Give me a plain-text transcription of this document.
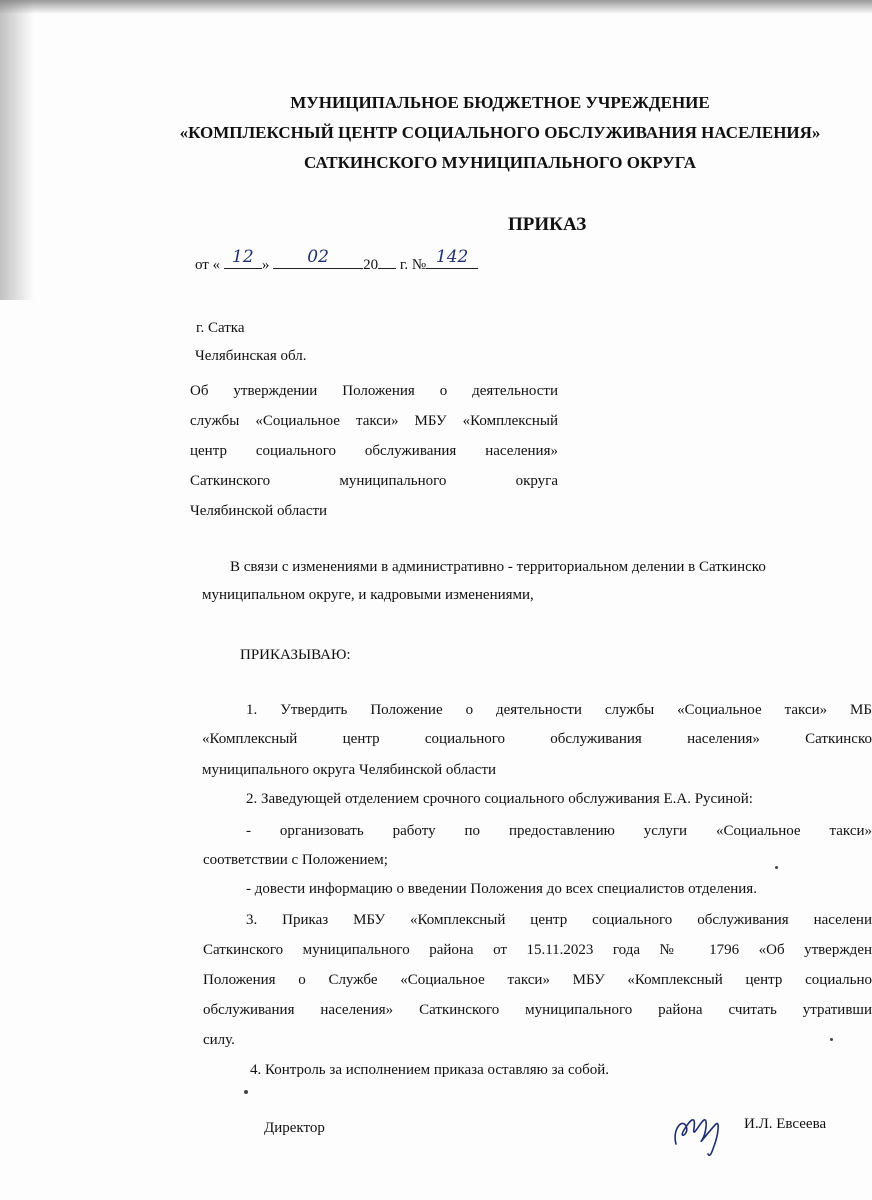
МУНИЦИПАЛЬНОЕ БЮДЖЕТНОЕ УЧРЕЖДЕНИЕ
«КОМПЛЕКСНЫЙ ЦЕНТР СОЦИАЛЬНОГО ОБСЛУЖИВАНИЯ НАСЕЛЕНИЯ»
САТКИНСКОГО МУНИЦИПАЛЬНОГО ОКРУГА
ПРИКАЗ
от « 12 »	02	20 г. № 142
г. Сатка
Челябинская обл.
Об утверждении Положения о деятельности
службы «Социальное такси» МБУ «Комплексный
центр социального обслуживания населения»
Саткинского муниципального округа
Челябинской области
В связи с изменениями в административно - территориальном делении в Саткинско
муниципальном округе, и кадровыми изменениями,
ПРИКАЗЫВАЮ:
1. Утвердить Положение о деятельности службы «Социальное такси» МБ
«Комплексный центр социального обслуживания населения» Саткинско
муниципального округа Челябинской области
2. Заведующей отделением срочного социального обслуживания Е.А. Русиной:
- организовать работу по предоставлению услуги «Социальное такси»
соответствии с Положением;
- довести информацию о введении Положения до всех специалистов отделения.
3. Приказ МБУ «Комплексный центр социального обслуживания населени
Саткинского муниципального района от 15.11.2023 года № 1796 «Об утвержден
Положения о Службе «Социальное такси» МБУ «Комплексный центр социально
обслуживания населения» Саткинского муниципального района считать утративши
силу.
4. Контроль за исполнением приказа оставляю за собой.
Директор	И.Л. Евсеева
